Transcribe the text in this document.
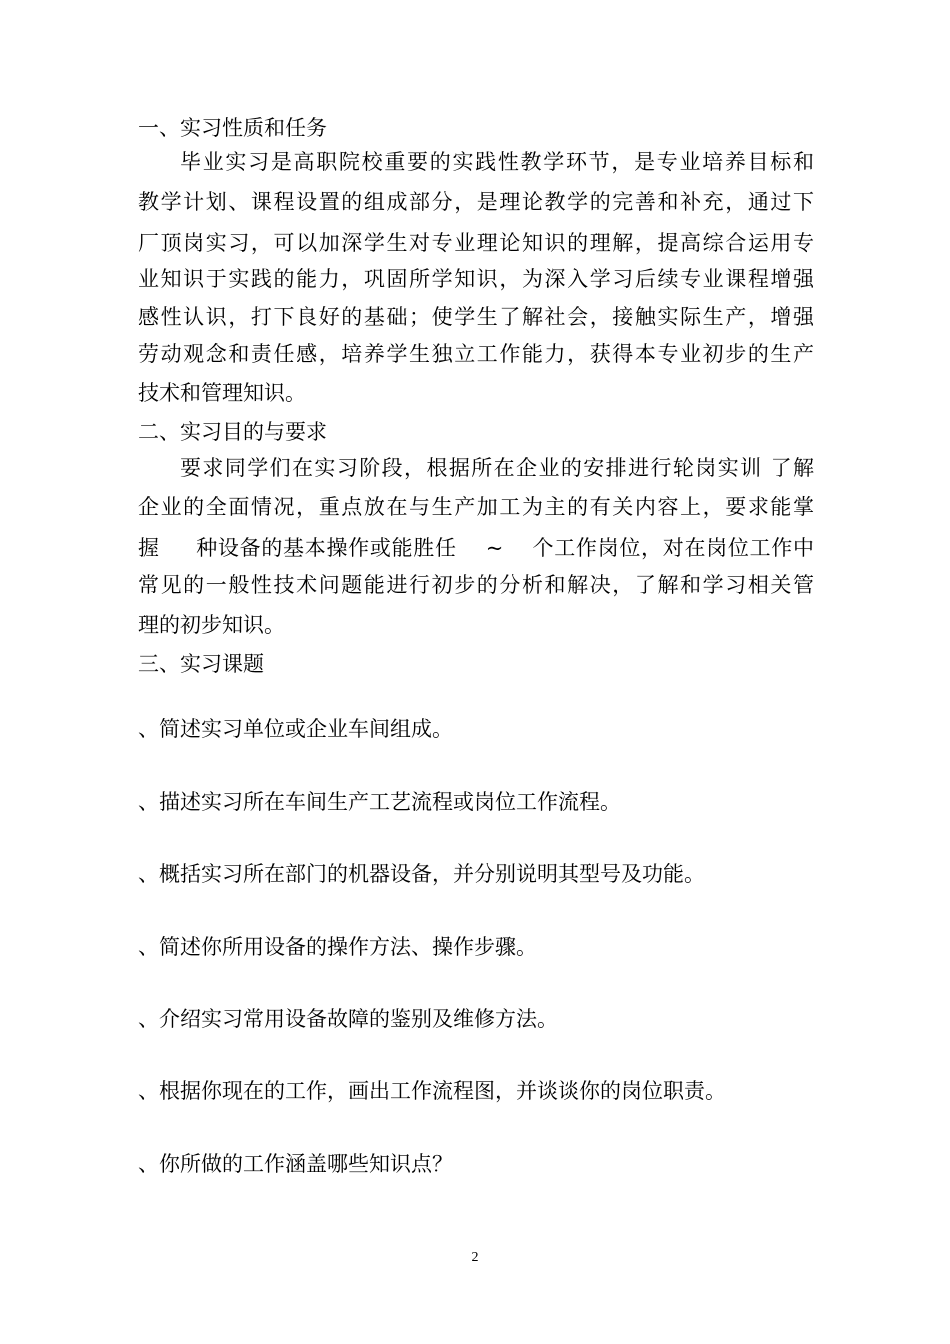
一、实习性质和任务
毕业实习是高职院校重要的实践性教学环节，是专业培养目标和
教学计划、课程设置的组成部分，是理论教学的完善和补充，通过下
厂顶岗实习，可以加深学生对专业理论知识的理解，提高综合运用专
业知识于实践的能力，巩固所学知识，为深入学习后续专业课程增强
感性认识，打下良好的基础；使学生了解社会，接触实际生产，增强
劳动观念和责任感，培养学生独立工作能力，获得本专业初步的生产
技术和管理知识。
二、实习目的与要求
要求同学们在实习阶段，根据所在企业的安排进行轮岗实训 了解
企业的全面情况，重点放在与生产加工为主的有关内容上，要求能掌
握 　 种设备的基本操作或能胜任 　~ 　个工作岗位，对在岗位工作中
常见的一般性技术问题能进行初步的分析和解决，了解和学习相关管
理的初步知识。
三、实习课题
、简述实习单位或企业车间组成。
、描述实习所在车间生产工艺流程或岗位工作流程。
、概括实习所在部门的机器设备，并分别说明其型号及功能。
、简述你所用设备的操作方法、操作步骤。
、介绍实习常用设备故障的鉴别及维修方法。
、根据你现在的工作，画出工作流程图，并谈谈你的岗位职责。
、你所做的工作涵盖哪些知识点？
2
